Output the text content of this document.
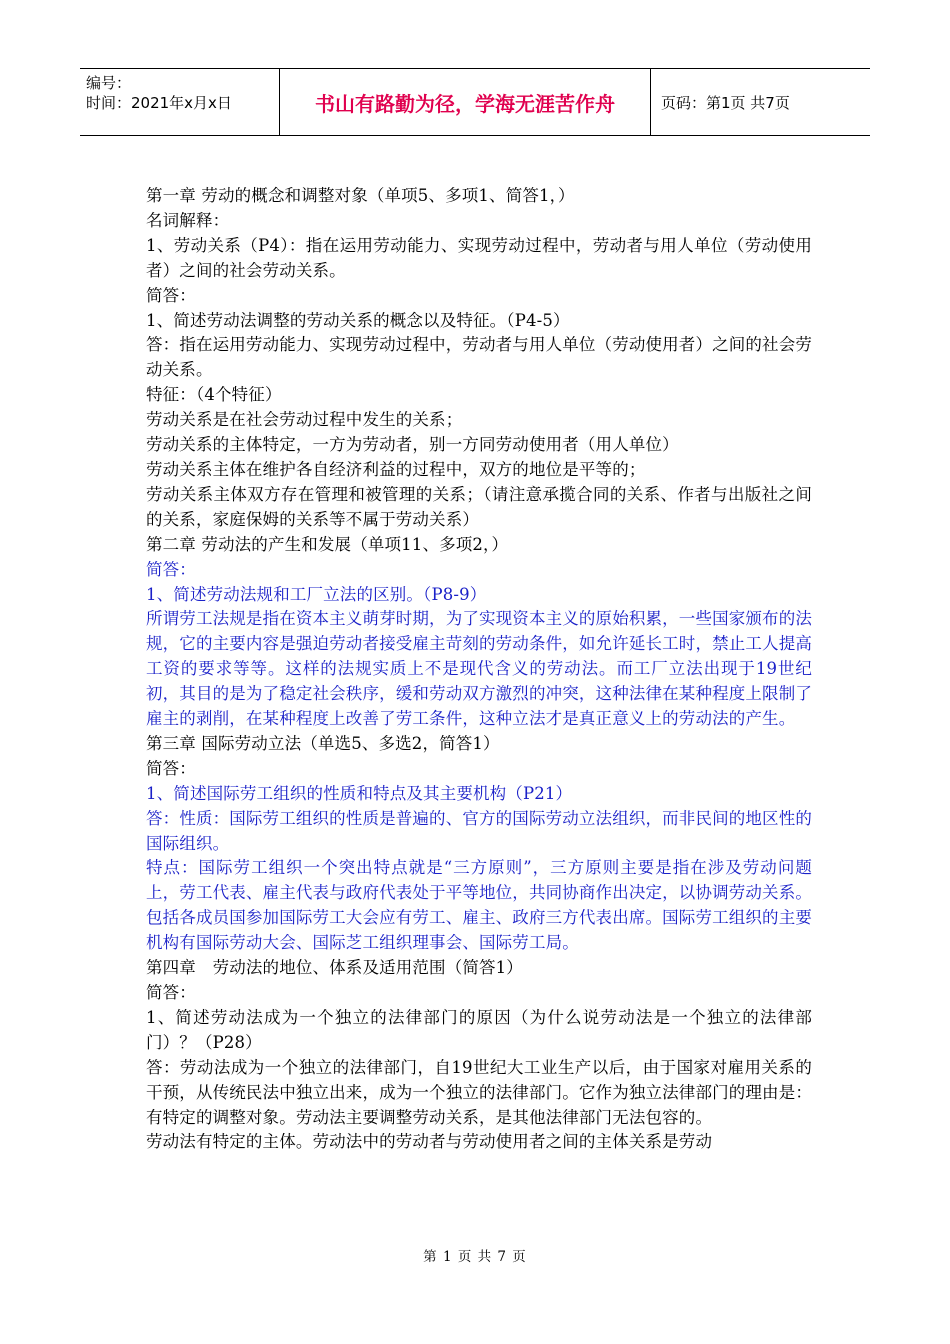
编号：
时间：2021年x月x日	书山有路勤为径，学海无涯苦作舟	页码：第1页 共7页

第一章 劳动的概念和调整对象（单项5、多项1、简答1，）

名词解释：

1、劳动关系（P4）：指在运用劳动能力、实现劳动过程中，劳动者与用人单位（劳动使用者）之间的社会劳动关系。

简答：

1、简述劳动法调整的劳动关系的概念以及特征。（P4-5）

答：指在运用劳动能力、实现劳动过程中，劳动者与用人单位（劳动使用者）之间的社会劳动关系。

特征：（4个特征）

劳动关系是在社会劳动过程中发生的关系；

劳动关系的主体特定，一方为劳动者，别一方同劳动使用者（用人单位）

劳动关系主体在维护各自经济利益的过程中，双方的地位是平等的；

劳动关系主体双方存在管理和被管理的关系；（请注意承揽合同的关系、作者与出版社之间的关系，家庭保姆的关系等不属于劳动关系）

第二章 劳动法的产生和发展（单项11、多项2，）

简答：

1、简述劳动法规和工厂立法的区别。（P8-9）

所谓劳工法规是指在资本主义萌芽时期，为了实现资本主义的原始积累，一些国家颁布的法规，它的主要内容是强迫劳动者接受雇主苛刻的劳动条件，如允许延长工时，禁止工人提高工资的要求等等。这样的法规实质上不是现代含义的劳动法。而工厂立法出现于19世纪初，其目的是为了稳定社会秩序，缓和劳动双方激烈的冲突，这种法律在某种程度上限制了雇主的剥削，在某种程度上改善了劳工条件，这种立法才是真正意义上的劳动法的产生。

第三章 国际劳动立法（单选5、多选2，简答1）

简答：

1、简述国际劳工组织的性质和特点及其主要机构（P21）

答：性质：国际劳工组织的性质是普遍的、官方的国际劳动立法组织，而非民间的地区性的国际组织。

特点：国际劳工组织一个突出特点就是“三方原则”，三方原则主要是指在涉及劳动问题上，劳工代表、雇主代表与政府代表处于平等地位，共同协商作出决定，以协调劳动关系。包括各成员国参加国际劳工大会应有劳工、雇主、政府三方代表出席。国际劳工组织的主要机构有国际劳动大会、国际芝工组织理事会、国际劳工局。

第四章　劳动法的地位、体系及适用范围（简答1）

简答：

1、简述劳动法成为一个独立的法律部门的原因（为什么说劳动法是一个独立的法律部门）？（P28）

答：劳动法成为一个独立的法律部门，自19世纪大工业生产以后，由于国家对雇用关系的干预，从传统民法中独立出来，成为一个独立的法律部门。它作为独立法律部门的理由是：

有特定的调整对象。劳动法主要调整劳动关系，是其他法律部门无法包容的。

劳动法有特定的主体。劳动法中的劳动者与劳动使用者之间的主体关系是劳动

第 1 页 共 7 页
